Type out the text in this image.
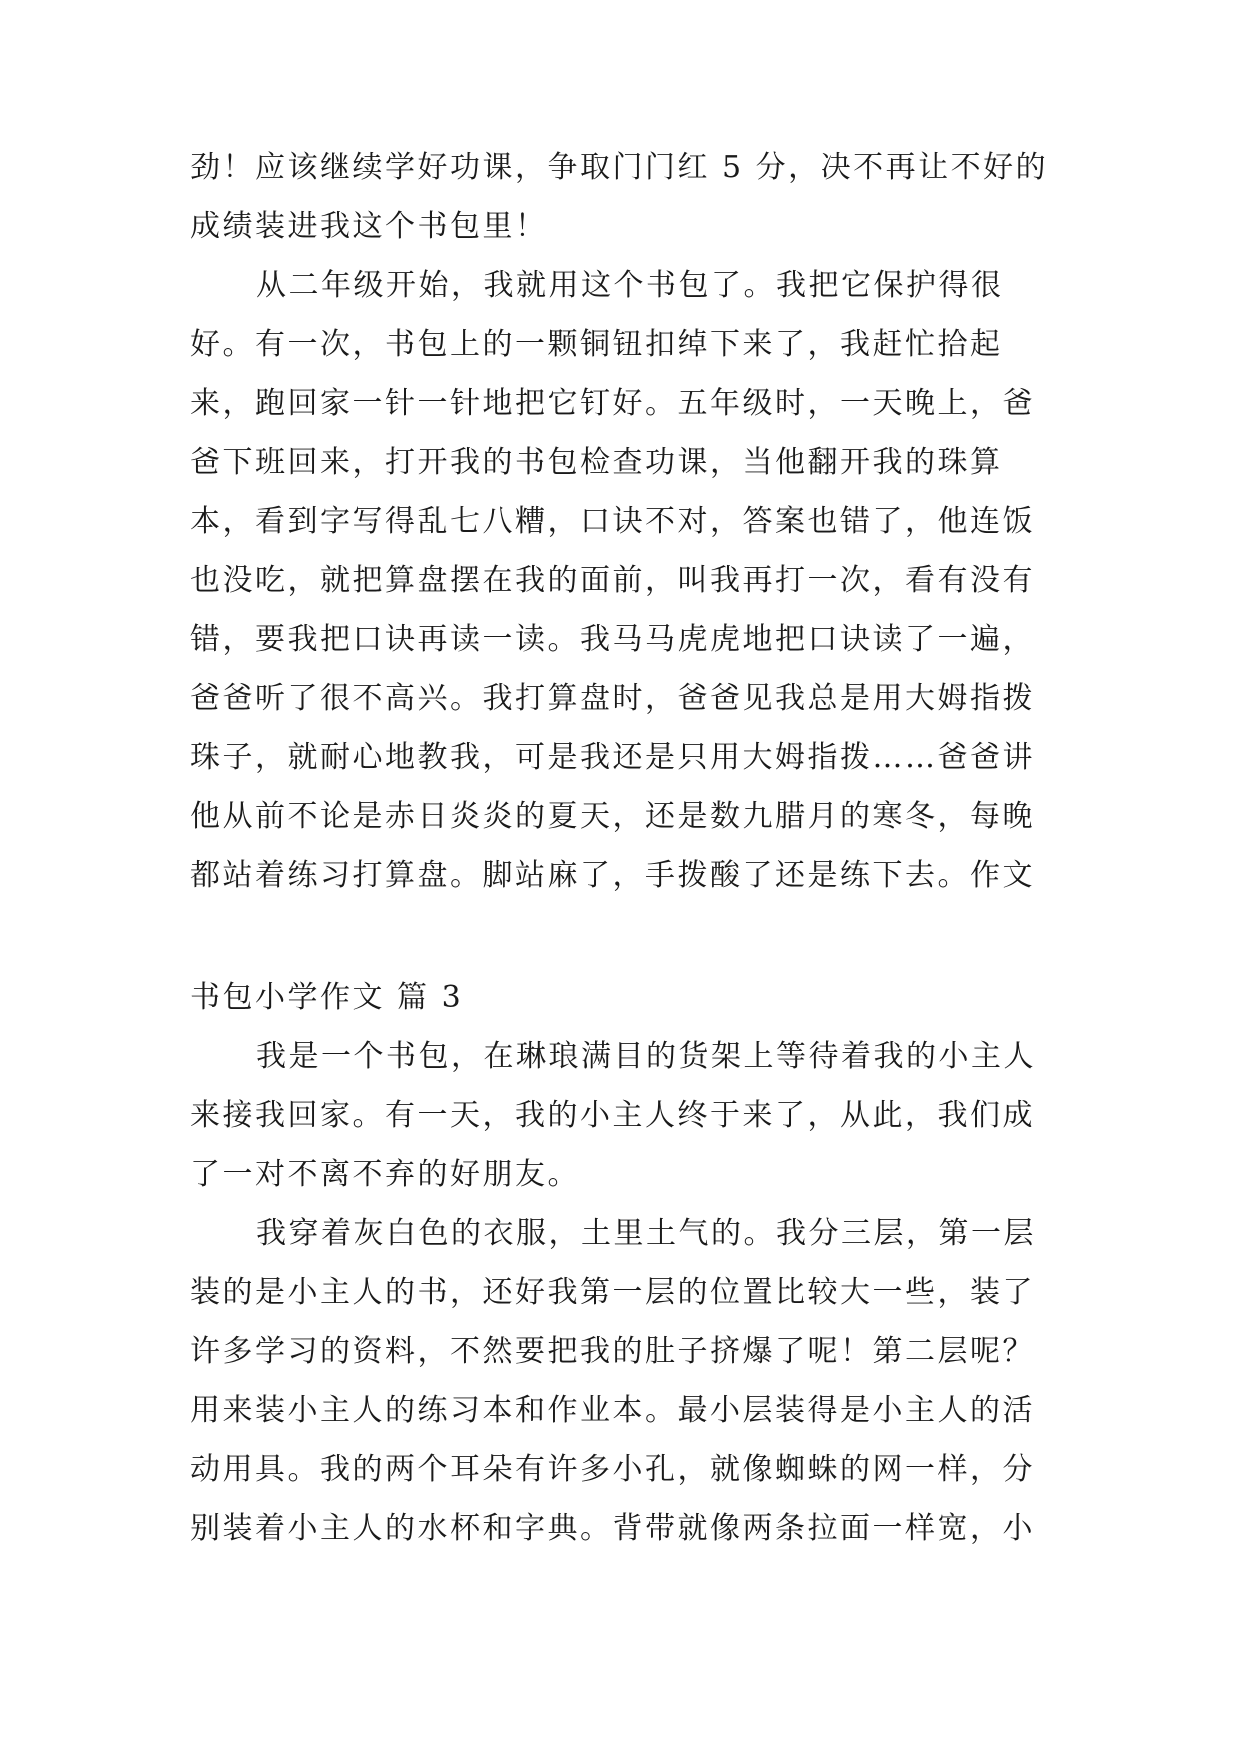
劲！应该继续学好功课，争取门门红 5 分，决不再让不好的成绩装进我这个书包里！

从二年级开始，我就用这个书包了。我把它保护得很好。有一次，书包上的一颗铜钮扣绰下来了，我赶忙拾起来，跑回家一针一针地把它钉好。五年级时，一天晚上，爸爸下班回来，打开我的书包检查功课，当他翻开我的珠算本，看到字写得乱七八糟，口诀不对，答案也错了，他连饭也没吃，就把算盘摆在我的面前，叫我再打一次，看有没有错，要我把口诀再读一读。我马马虎虎地把口诀读了一遍，爸爸听了很不高兴。我打算盘时，爸爸见我总是用大姆指拨珠子，就耐心地教我，可是我还是只用大姆指拨……爸爸讲他从前不论是赤日炎炎的夏天，还是数九腊月的寒冬，每晚都站着练习打算盘。脚站麻了，手拨酸了还是练下去。作文

书包小学作文 篇 3

我是一个书包，在琳琅满目的货架上等待着我的小主人来接我回家。有一天，我的小主人终于来了，从此，我们成了一对不离不弃的好朋友。

我穿着灰白色的衣服，土里土气的。我分三层，第一层装的是小主人的书，还好我第一层的位置比较大一些，装了许多学习的资料，不然要把我的肚子挤爆了呢！第二层呢？用来装小主人的练习本和作业本。最小层装得是小主人的活动用具。我的两个耳朵有许多小孔，就像蜘蛛的网一样，分别装着小主人的水杯和字典。背带就像两条拉面一样宽，小
